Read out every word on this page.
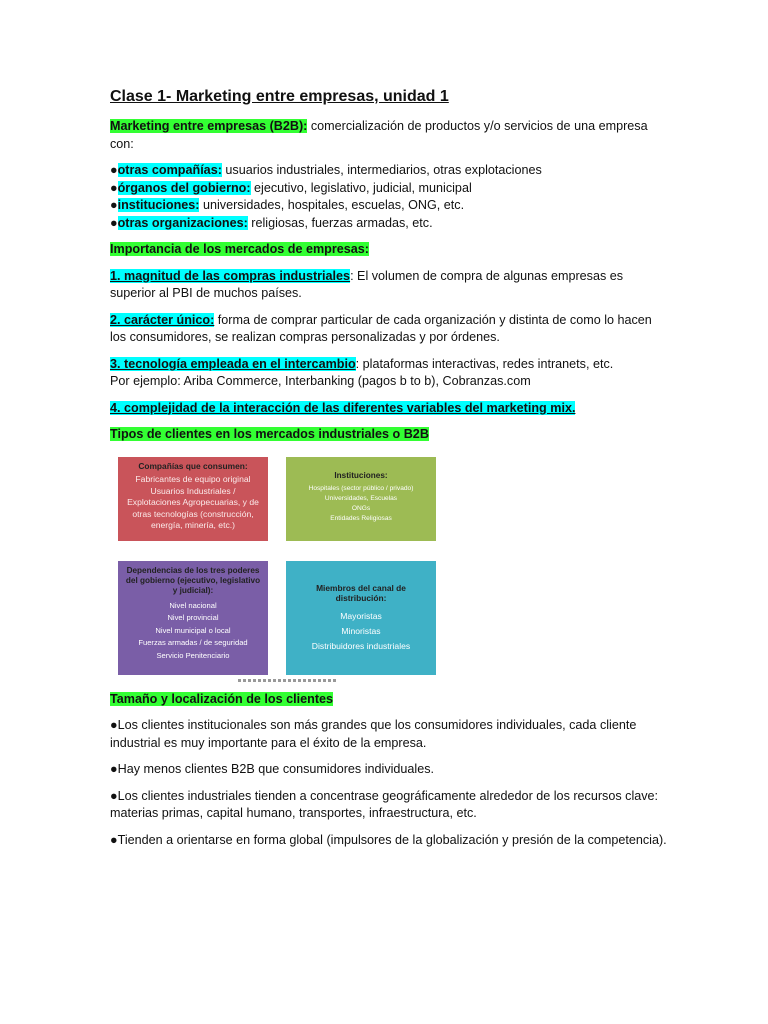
Clase 1- Marketing entre empresas, unidad 1

Marketing entre empresas (B2B): comercialización de productos y/o servicios de una empresa con:

●otras compañías: usuarios industriales, intermediarios, otras explotaciones

●órganos del gobierno: ejecutivo, legislativo, judicial, municipal

●instituciones: universidades, hospitales, escuelas, ONG, etc.

●otras organizaciones: religiosas, fuerzas armadas, etc.

Importancia de los mercados de empresas:

1. magnitud de las compras industriales: El volumen de compra de algunas empresas es superior al PBI de muchos países.

2. carácter único: forma de comprar particular de cada organización y distinta de como lo hacen los consumidores, se realizan compras personalizadas y por órdenes.

3. tecnología empleada en el intercambio: plataformas interactivas, redes intranets, etc.
Por ejemplo: Ariba Commerce, Interbanking (pagos b to b), Cobranzas.com

4. complejidad de la interacción de las diferentes variables del marketing mix.

Tipos de clientes en los mercados industriales o B2B

Compañías que consumen:
Fabricantes de equipo original
Usuarios Industriales / Explotaciones Agropecuarias, y de otras tecnologías (construcción, energía, minería, etc.)
Instituciones:
Hospitales (sector público / privado)
Universidades, Escuelas
ONGs
Entidades Religiosas
Dependencias de los tres poderes del gobierno (ejecutivo, legislativo y judicial):
Nivel nacional
Nivel provincial
Nivel municipal o local
Fuerzas armadas / de seguridad
Servicio Penitenciario
Miembros del canal de distribución:
Mayoristas
Minoristas
Distribuidores industriales

Tamaño y localización de los clientes

●Los clientes institucionales son más grandes que los consumidores individuales, cada cliente industrial es muy importante para el éxito de la empresa.

●Hay menos clientes B2B que consumidores individuales.

●Los clientes industriales tienden a concentrase geográficamente alrededor de los recursos clave: materias primas, capital humano, transportes, infraestructura, etc.

●Tienden a orientarse en forma global (impulsores de la globalización y presión de la competencia).
